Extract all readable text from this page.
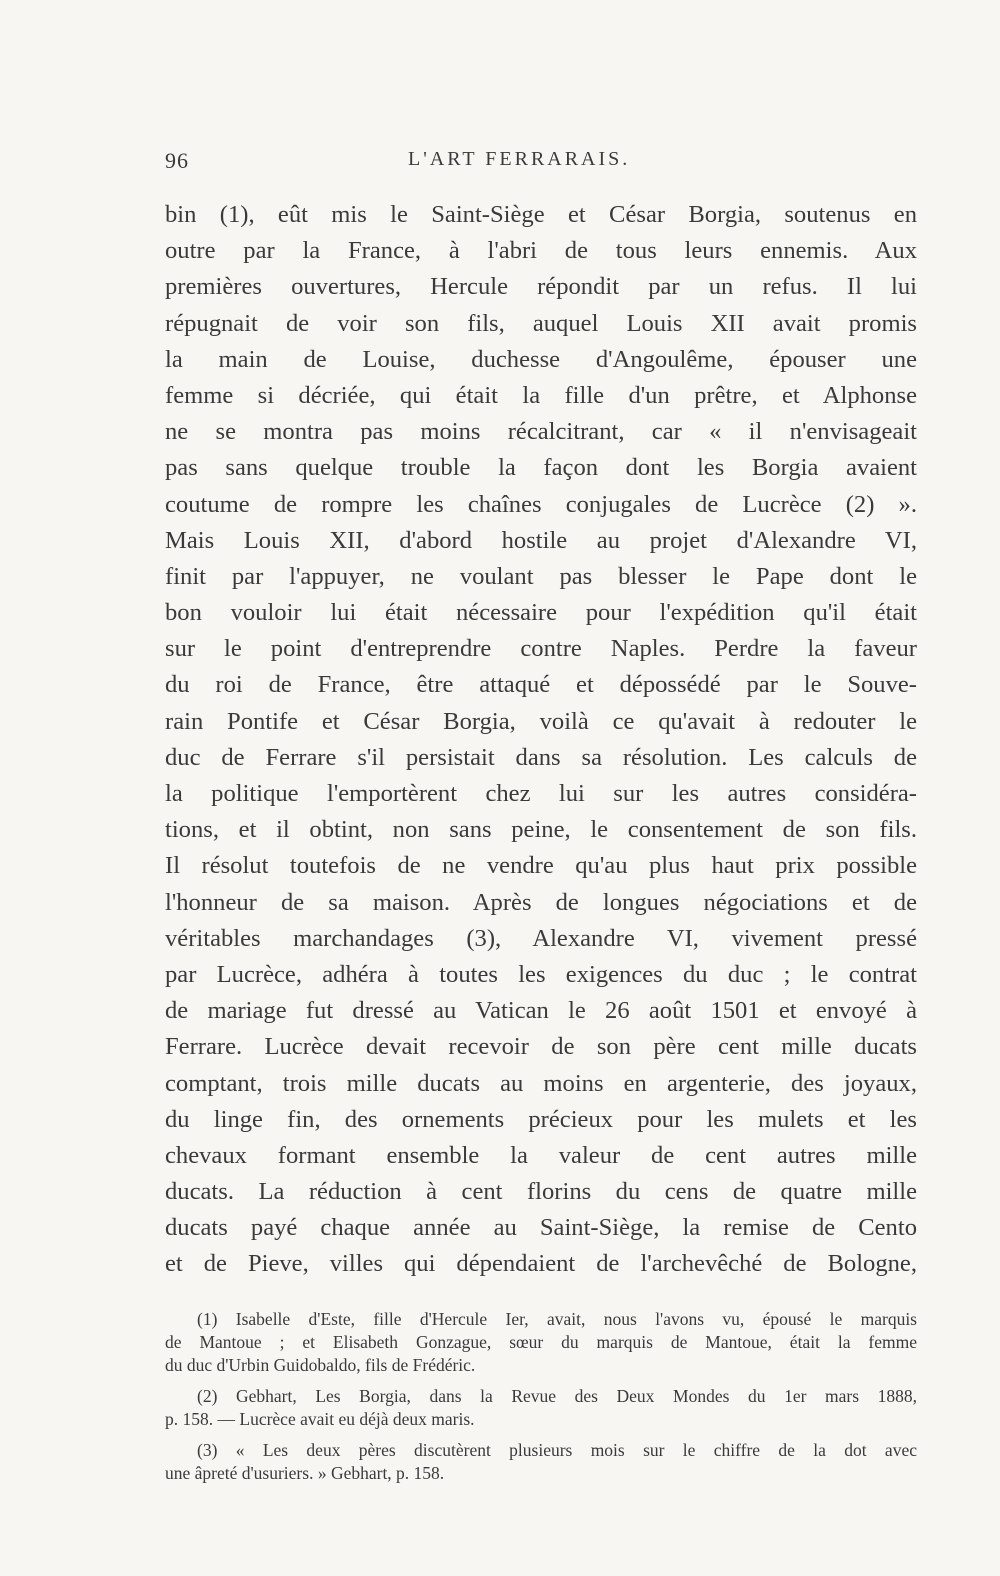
96	L'ART FERRARAIS.
bin (1), eût mis le Saint-Siège et César Borgia, soutenus en
outre par la France, à l'abri de tous leurs ennemis. Aux
premières ouvertures, Hercule répondit par un refus. Il lui
répugnait de voir son fils, auquel Louis XII avait promis
la main de Louise, duchesse d'Angoulême, épouser une
femme si décriée, qui était la fille d'un prêtre, et Alphonse
ne se montra pas moins récalcitrant, car « il n'envisageait
pas sans quelque trouble la façon dont les Borgia avaient
coutume de rompre les chaînes conjugales de Lucrèce (2) ».
Mais Louis XII, d'abord hostile au projet d'Alexandre VI,
finit par l'appuyer, ne voulant pas blesser le Pape dont le
bon vouloir lui était nécessaire pour l'expédition qu'il était
sur le point d'entreprendre contre Naples. Perdre la faveur
du roi de France, être attaqué et dépossédé par le Souve-
rain Pontife et César Borgia, voilà ce qu'avait à redouter le
duc de Ferrare s'il persistait dans sa résolution. Les calculs de
la politique l'emportèrent chez lui sur les autres considéra-
tions, et il obtint, non sans peine, le consentement de son fils.
Il résolut toutefois de ne vendre qu'au plus haut prix possible
l'honneur de sa maison. Après de longues négociations et de
véritables marchandages (3), Alexandre VI, vivement pressé
par Lucrèce, adhéra à toutes les exigences du duc ; le contrat
de mariage fut dressé au Vatican le 26 août 1501 et envoyé à
Ferrare. Lucrèce devait recevoir de son père cent mille ducats
comptant, trois mille ducats au moins en argenterie, des joyaux,
du linge fin, des ornements précieux pour les mulets et les
chevaux formant ensemble la valeur de cent autres mille
ducats. La réduction à cent florins du cens de quatre mille
ducats payé chaque année au Saint-Siège, la remise de Cento
et de Pieve, villes qui dépendaient de l'archevêché de Bologne,
(1) Isabelle d'Este, fille d'Hercule Ier, avait, nous l'avons vu, épousé le marquis
de Mantoue ; et Elisabeth Gonzague, sœur du marquis de Mantoue, était la femme
du duc d'Urbin Guidobaldo, fils de Frédéric.
(2) Gebhart, Les Borgia, dans la Revue des Deux Mondes du 1er mars 1888,
p. 158. — Lucrèce avait eu déjà deux maris.
(3) « Les deux pères discutèrent plusieurs mois sur le chiffre de la dot avec
une âpreté d'usuriers. » Gebhart, p. 158.
